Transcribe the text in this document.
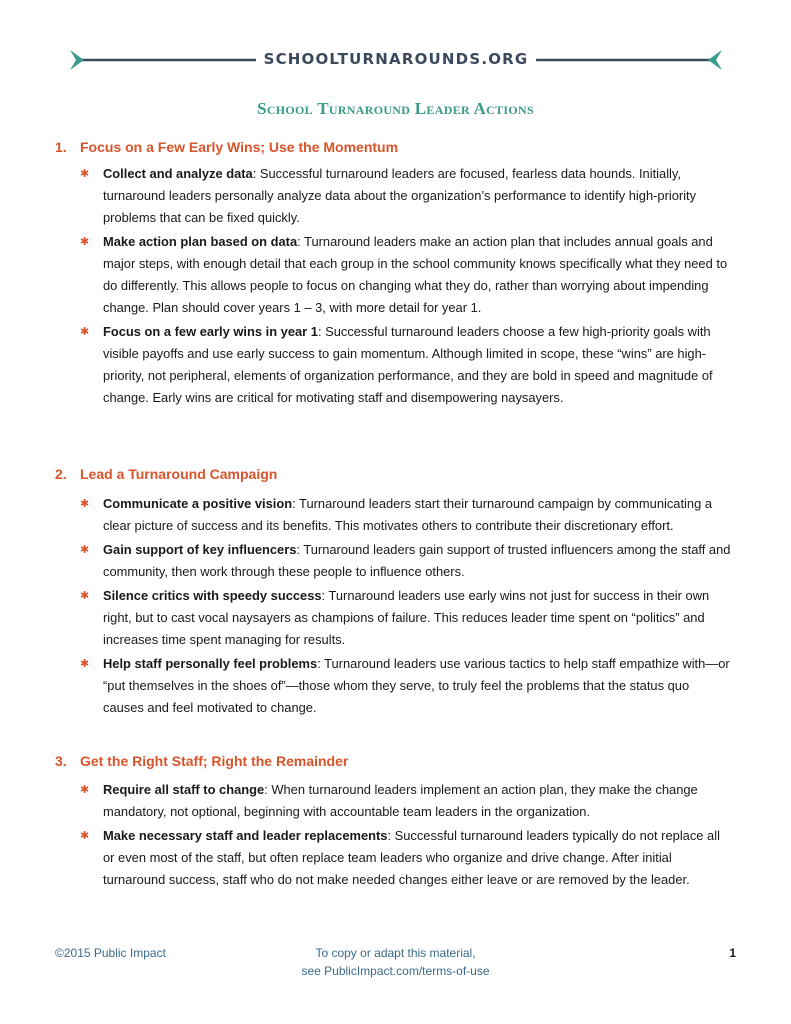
SCHOOLTURNAROUNDS.ORG
School Turnaround Leader Actions
1. Focus on a Few Early Wins; Use the Momentum
✱ Collect and analyze data: Successful turnaround leaders are focused, fearless data hounds. Initially, turnaround leaders personally analyze data about the organization’s performance to identify high-priority problems that can be fixed quickly.
✱ Make action plan based on data: Turnaround leaders make an action plan that includes annual goals and major steps, with enough detail that each group in the school community knows specifically what they need to do differently. This allows people to focus on changing what they do, rather than worrying about impending change. Plan should cover years 1 – 3, with more detail for year 1.
✱ Focus on a few early wins in year 1: Successful turnaround leaders choose a few high-priority goals with visible payoffs and use early success to gain momentum. Although limited in scope, these “wins” are high-priority, not peripheral, elements of organization performance, and they are bold in speed and magnitude of change. Early wins are critical for motivating staff and disempowering naysayers.
2. Lead a Turnaround Campaign
✱ Communicate a positive vision: Turnaround leaders start their turnaround campaign by communicating a clear picture of success and its benefits. This motivates others to contribute their discretionary effort.
✱ Gain support of key influencers: Turnaround leaders gain support of trusted influencers among the staff and community, then work through these people to influence others.
✱ Silence critics with speedy success: Turnaround leaders use early wins not just for success in their own right, but to cast vocal naysayers as champions of failure. This reduces leader time spent on “politics” and increases time spent managing for results.
✱ Help staff personally feel problems: Turnaround leaders use various tactics to help staff empathize with—or “put themselves in the shoes of”—those whom they serve, to truly feel the problems that the status quo causes and feel motivated to change.
3. Get the Right Staff; Right the Remainder
✱ Require all staff to change: When turnaround leaders implement an action plan, they make the change mandatory, not optional, beginning with accountable team leaders in the organization.
✱ Make necessary staff and leader replacements: Successful turnaround leaders typically do not replace all or even most of the staff, but often replace team leaders who organize and drive change. After initial turnaround success, staff who do not make needed changes either leave or are removed by the leader.
©2015 Public Impact	To copy or adapt this material,
see PublicImpact.com/terms-of-use
1
